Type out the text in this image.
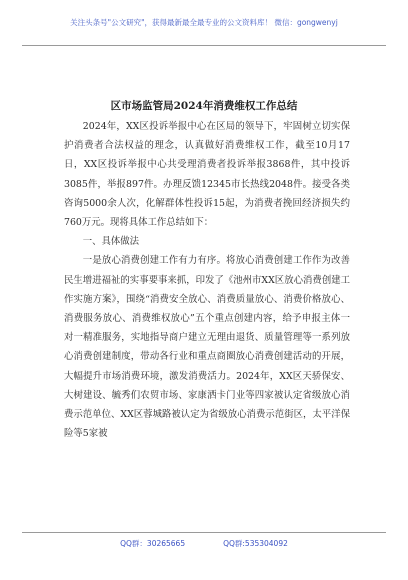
关注头条号"公文研究"，获得最新最全最专业的公文资料库！ 微信：gongwenyj
区市场监管局2024年消费维权工作总结

2024年，XX区投诉举报中心在区局的领导下，牢固树立切实保护消费者合法权益的理念，认真做好消费维权工作，截至10月17日，XX区投诉举报中心共受理消费者投诉举报3868件，其中投诉3085件，举报897件。办理反馈12345市长热线2048件。接受各类咨询5000余人次，化解群体性投诉15起，为消费者挽回经济损失约760万元。现将具体工作总结如下：

一、具体做法

一是放心消费创建工作有力有序。将放心消费创建工作作为改善民生增进福祉的实事要事来抓，印发了《池州市XX区放心消费创建工作实施方案》，围绕“消费安全放心、消费质量放心、消费价格放心、消费服务放心、消费维权放心”五个重点创建内容，给予申报主体一对一精准服务，实地指导商户建立无理由退货、质量管理等一系列放心消费创建制度，带动各行业和重点商圈放心消费创建活动的开展，大幅提升市场消费环境，激发消费活力。2024年，XX区天骄保安、大树建设、毓秀们农贸市场、家康洒卡门业等四家被认定省级放心消费示范单位、XX区蓉城路被认定为省级放心消费示范街区，太平洋保险等5家被

QQ群：30265665	QQ群:535304092
